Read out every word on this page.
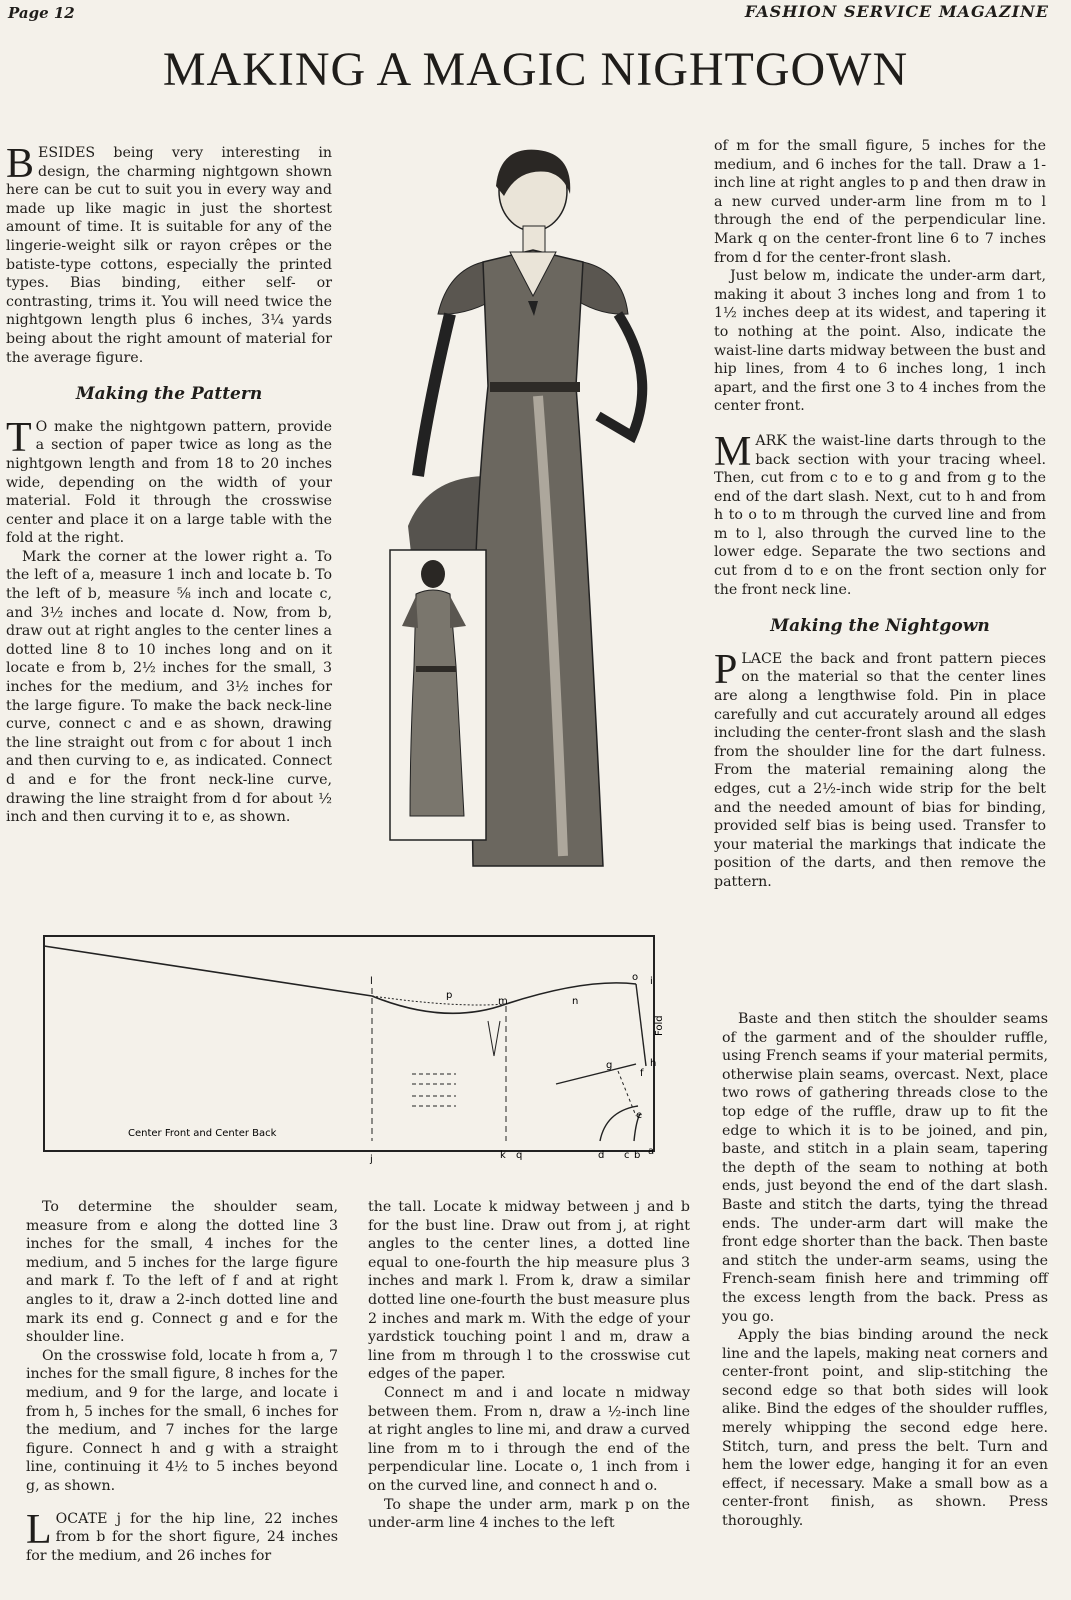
Page 12	FASHION SERVICE MAGAZINE
MAKING A MAGIC NIGHTGOWN

BESIDES being very interesting in design, the charming nightgown shown here can be cut to suit you in every way and made up like magic in just the shortest amount of time. It is suitable for any of the lingerie-weight silk or rayon crêpes or the batiste-type cottons, especially the printed types. Bias binding, either self- or contrasting, trims it. You will need twice the nightgown length plus 6 inches, 3¼ yards being about the right amount of material for the average figure.

Making the Pattern

T O make the nightgown pattern, provide a section of paper twice as long as the nightgown length and from 18 to 20 inches wide, depending on the width of your material. Fold it through the crosswise center and place it on a large table with the fold at the right.

Mark the corner at the lower right a. To the left of a, measure 1 inch and locate b. To the left of b, measure ⅝ inch and locate c, and 3½ inches and locate d. Now, from b, draw out at right angles to the center lines a dotted line 8 to 10 inches long and on it locate e from b, 2½ inches for the small, 3 inches for the medium, and 3½ inches for the large figure. To make the back neck-line curve, connect c and e as shown, drawing the line straight out from c for about 1 inch and then curving to e, as indicated. Connect d and e for the front neck-line curve, drawing the line straight from d for about ½ inch and then curving it to e, as shown.

Center Front and Center Back
Fold
l
p
m	n
o i
h
g
f
e
j	k q	d c b a

of m for the small figure, 5 inches for the medium, and 6 inches for the tall. Draw a 1-inch line at right angles to p and then draw in a new curved under-arm line from m to l through the end of the perpendicular line. Mark q on the center-front line 6 to 7 inches from d for the center-front slash.

Just below m, indicate the under-arm dart, making it about 3 inches long and from 1 to 1½ inches deep at its widest, and tapering it to nothing at the point. Also, indicate the waist-line darts midway between the bust and hip lines, from 4 to 6 inches long, 1 inch apart, and the first one 3 to 4 inches from the center front.

MARK the waist-line darts through to the back section with your tracing wheel. Then, cut from c to e to g and from g to the end of the dart slash. Next, cut to h and from h to o to m through the curved line and from m to l, also through the curved line to the lower edge. Separate the two sections and cut from d to e on the front section only for the front neck line.

Making the Nightgown

PLACE the back and front pattern pieces on the material so that the center lines are along a lengthwise fold. Pin in place carefully and cut accurately around all edges including the center-front slash and the slash from the shoulder line for the dart fulness. From the material remaining along the edges, cut a 2½-inch wide strip for the belt and the needed amount of bias for binding, provided self bias is being used. Transfer to your material the markings that indicate the position of the darts, and then remove the pattern.

Baste and then stitch the shoulder seams of the garment and of the shoulder ruffle, using French seams if your material permits, otherwise plain seams, overcast. Next, place two rows of gathering threads close to the top edge of the ruffle, draw up to fit the edge to which it is to be joined, and pin, baste, and stitch in a plain seam, tapering the depth of the seam to nothing at both ends, just beyond the end of the dart slash. Baste and stitch the darts, tying the thread ends. The under-arm dart will make the front edge shorter than the back. Then baste and stitch the under-arm seams, using the French-seam finish here and trimming off the excess length from the back. Press as you go.

Apply the bias binding around the neck line and the lapels, making neat corners and center-front point, and slip-stitching the second edge so that both sides will look alike. Bind the edges of the shoulder ruffles, merely whipping the second edge here. Stitch, turn, and press the belt. Turn and hem the lower edge, hanging it for an even effect, if necessary. Make a small bow as a center-front finish, as shown. Press thoroughly.

To determine the shoulder seam, measure from e along the dotted line 3 inches for the small, 4 inches for the medium, and 5 inches for the large figure and mark f. To the left of f and at right angles to it, draw a 2-inch dotted line and mark its end g. Connect g and e for the shoulder line.

On the crosswise fold, locate h from a, 7 inches for the small figure, 8 inches for the medium, and 9 for the large, and locate i from h, 5 inches for the small, 6 inches for the medium, and 7 inches for the large figure. Connect h and g with a straight line, continuing it 4½ to 5 inches beyond g, as shown.

LOCATE j for the hip line, 22 inches from b for the short figure, 24 inches for the medium, and 26 inches for

the tall. Locate k midway between j and b for the bust line. Draw out from j, at right angles to the center lines, a dotted line equal to one-fourth the hip measure plus 3 inches and mark l. From k, draw a similar dotted line one-fourth the bust measure plus 2 inches and mark m. With the edge of your yardstick touching point l and m, draw a line from m through l to the crosswise cut edges of the paper.

Connect m and i and locate n midway between them. From n, draw a ½-inch line at right angles to line mi, and draw a curved line from m to i through the end of the perpendicular line. Locate o, 1 inch from i on the curved line, and connect h and o.

To shape the under arm, mark p on the under-arm line 4 inches to the left
